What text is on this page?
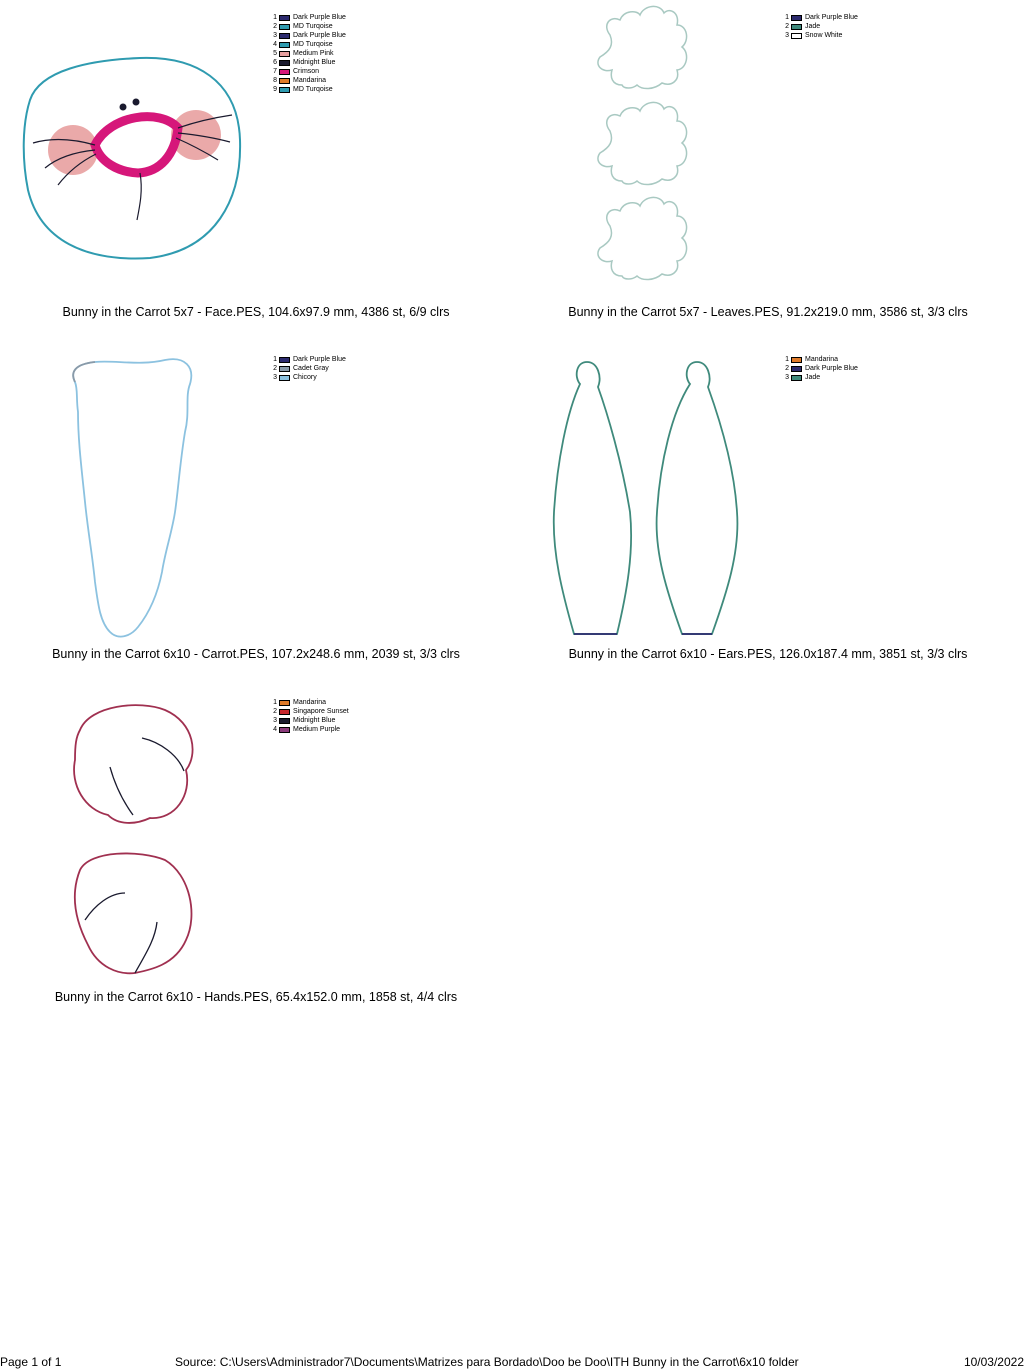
1 Dark Purple Blue
2 MD Turqoise
3 Dark Purple Blue
4 MD Turqoise
5 Medium Pink
6 Midnight Blue
7 Crimson
8 Mandarina
9 MD Turqoise
Bunny in the Carrot 5x7 - Face.PES, 104.6x97.9 mm, 4386 st, 6/9 clrs
1 Dark Purple Blue
2 Jade
3 Snow White
Bunny in the Carrot 5x7 - Leaves.PES, 91.2x219.0 mm, 3586 st, 3/3 clrs
1 Dark Purple Blue
2 Cadet Gray
3 Chicory
Bunny in the Carrot 6x10 - Carrot.PES, 107.2x248.6 mm, 2039 st, 3/3 clrs
1 Mandarina
2 Dark Purple Blue
3 Jade
Bunny in the Carrot 6x10 - Ears.PES, 126.0x187.4 mm, 3851 st, 3/3 clrs
1 Mandarina
2 Singapore Sunset
3 Midnight Blue
4 Medium Purple
Bunny in the Carrot 6x10 - Hands.PES, 65.4x152.0 mm, 1858 st, 4/4 clrs
Page 1 of 1	Source: C:\Users\Administrador7\Documents\Matrizes para Bordado\Doo be Doo\ITH Bunny in the Carrot\6x10 folder	10/03/2022
